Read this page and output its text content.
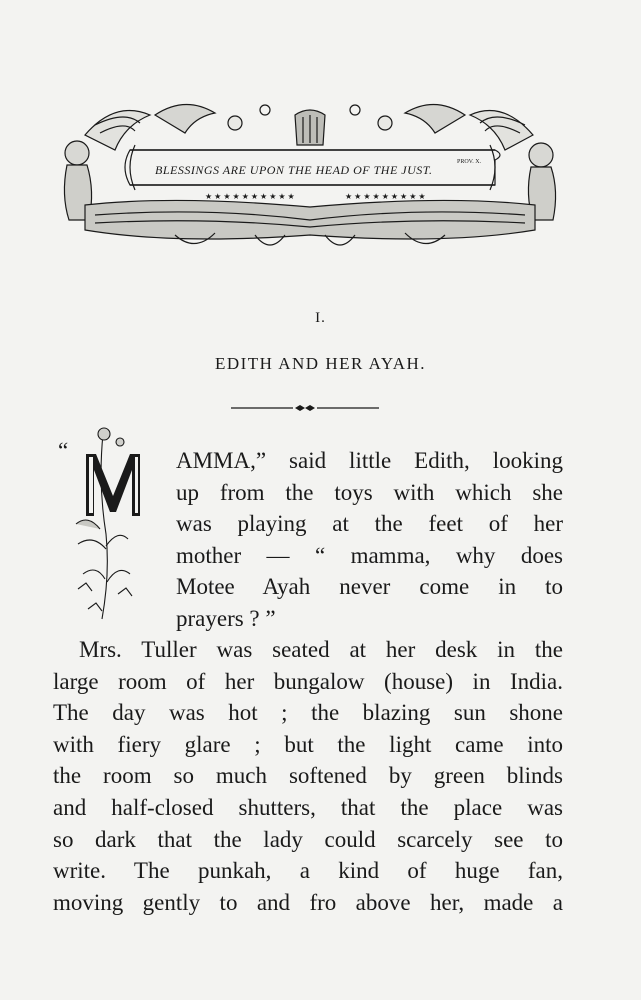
★ ★ ★ ★ ★ ★ ★ ★ ★ ★	★ ★ ★ ★ ★ ★ ★ ★ ★
BLESSINGS ARE UPON THE HEAD OF THE JUST.
PROV. X.
I.
EDITH AND HER AYAH.
“	AMMA,” said little Edith, looking
up from the toys with which she
was playing at the feet of her
mother — “ mamma, why does
Motee Ayah never come in to
prayers ? ”
Mrs. Tuller was seated at her desk in the
large room of her bungalow (house) in India.
The day was hot ; the blazing sun shone
with fiery glare ; but the light came into
the room so much softened by green blinds
and half-closed shutters, that the place was
so dark that the lady could scarcely see to
write. The punkah, a kind of huge fan,
moving gently to and fro above her, made a
